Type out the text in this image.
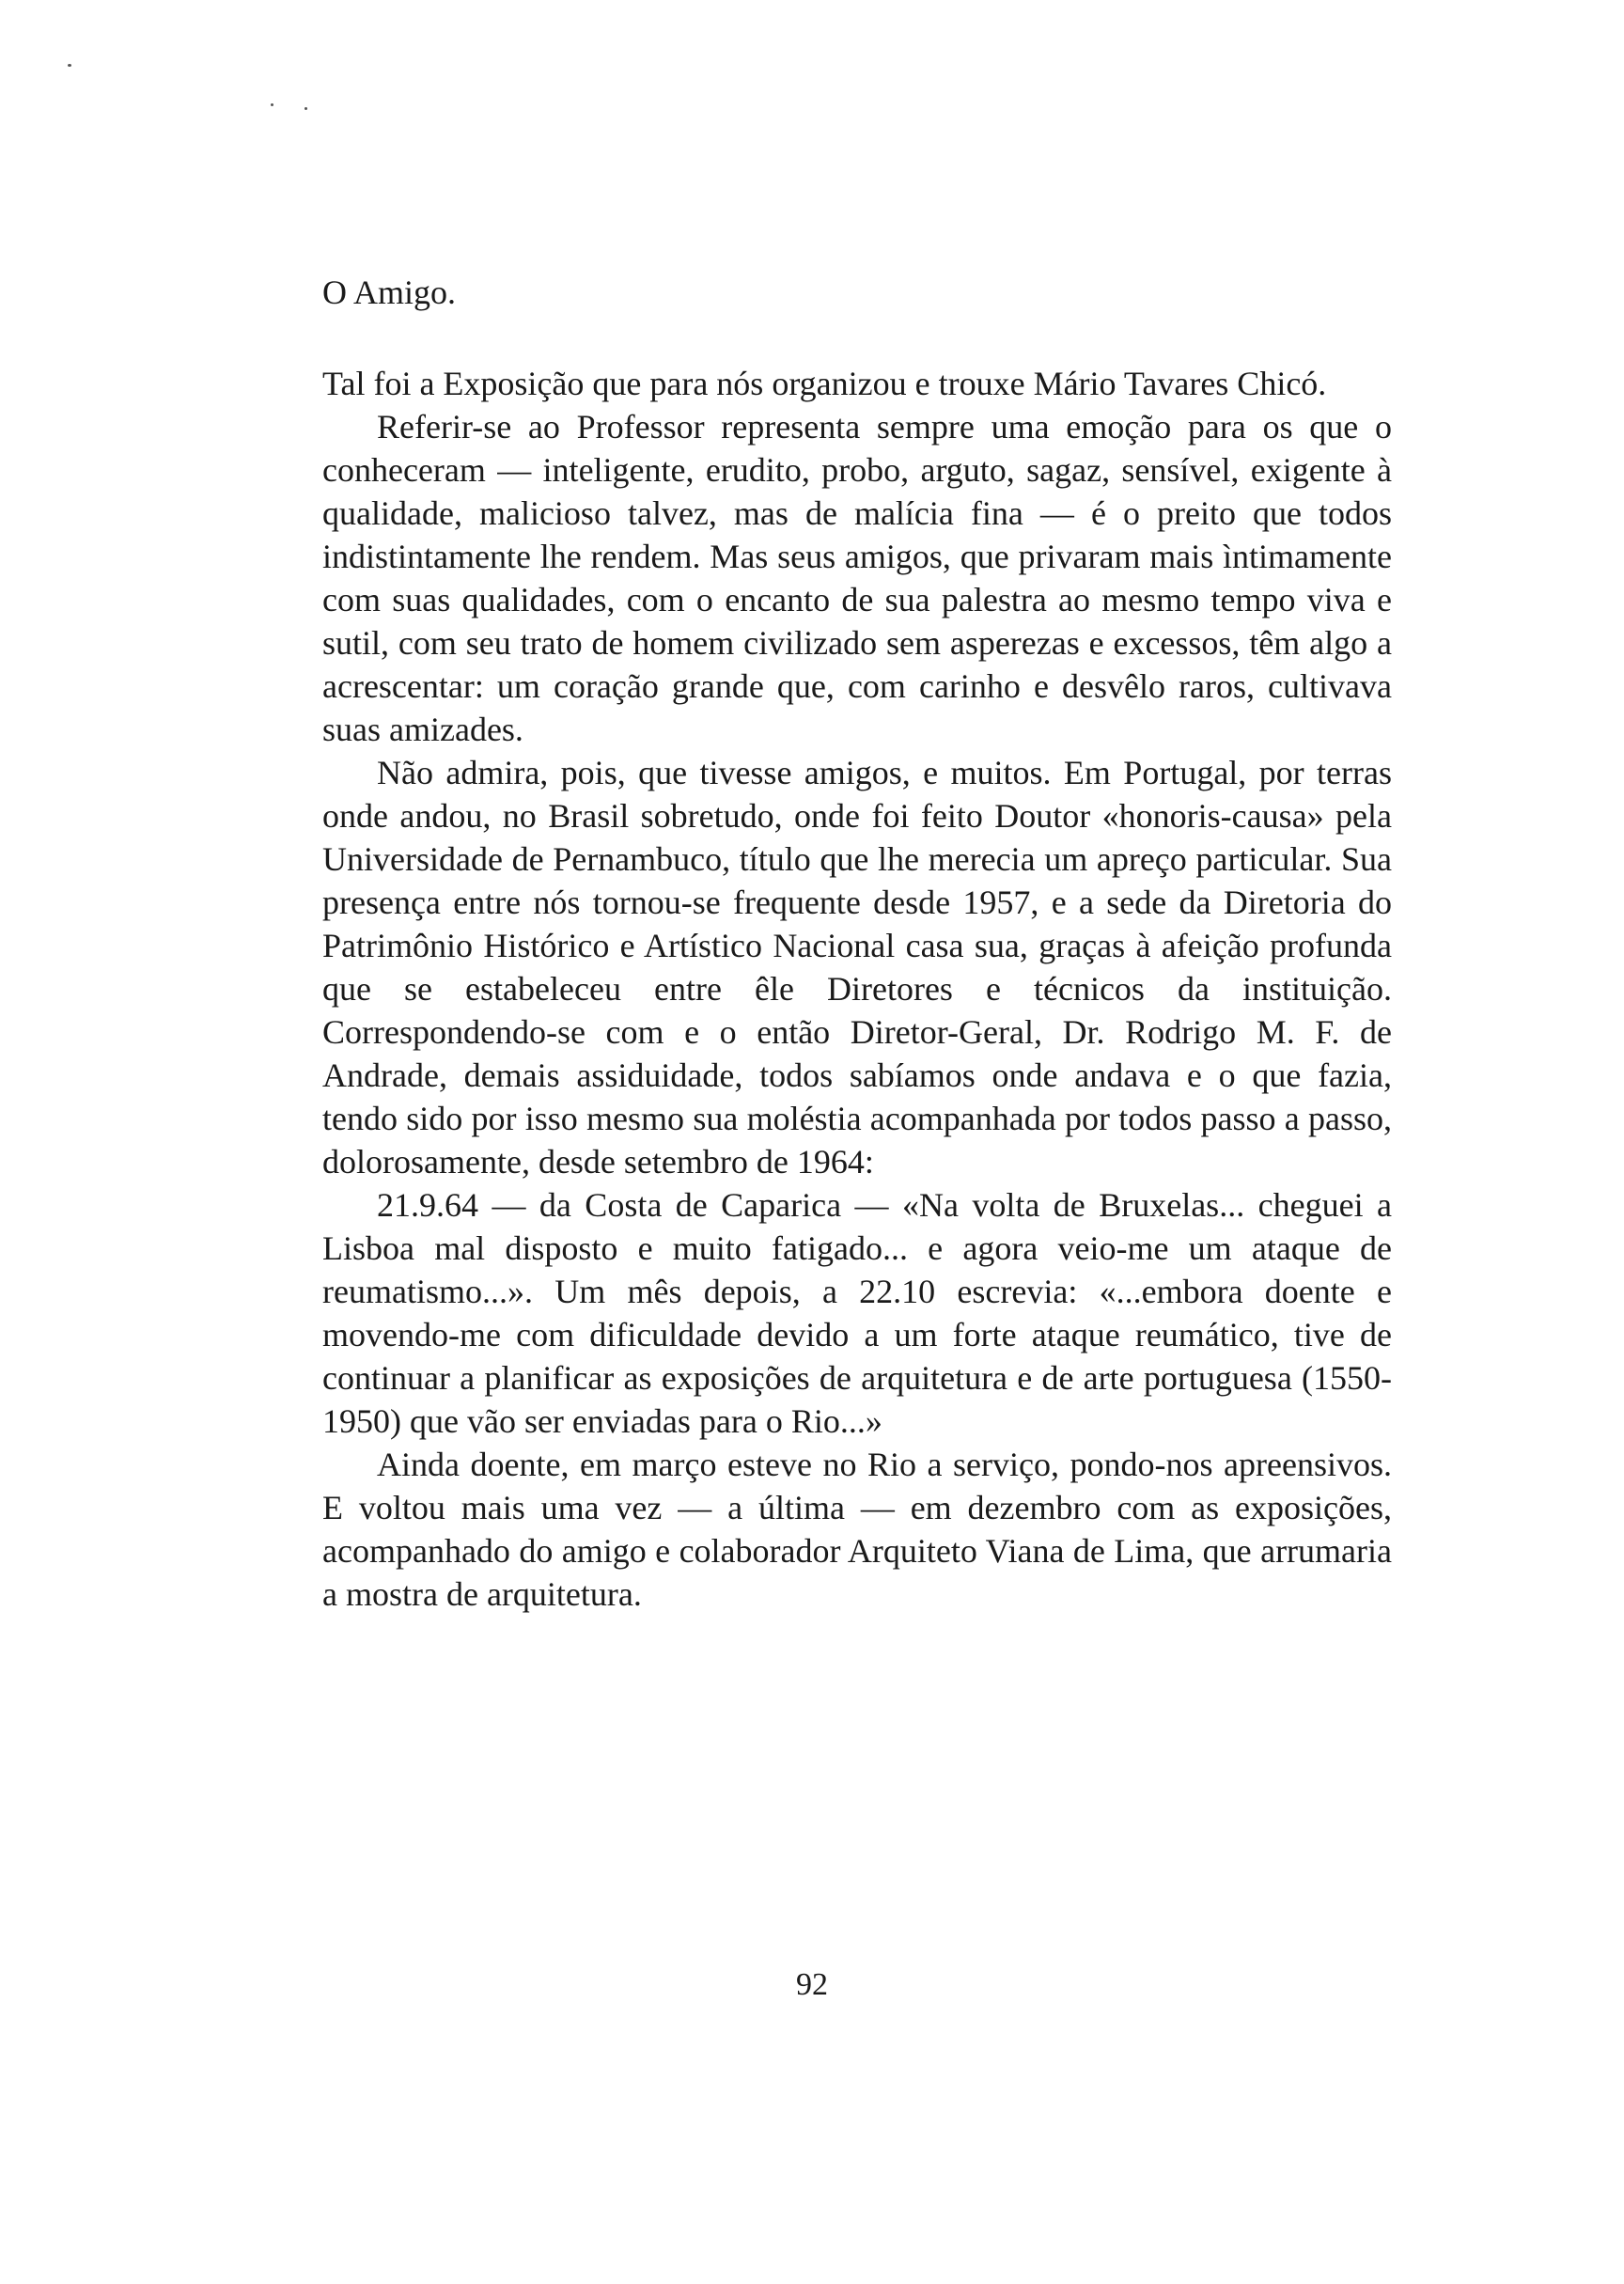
O Amigo.

Tal foi a Exposição que para nós organizou e trouxe Mário Tavares Chicó.

Referir-se ao Professor representa sempre uma emoção para os que o conheceram — inteligente, erudito, probo, arguto, sagaz, sensível, exigente à qualidade, malicioso talvez, mas de malícia fina — é o preito que todos indistintamente lhe rendem. Mas seus amigos, que privaram mais ìntimamente com suas qualidades, com o encanto de sua palestra ao mesmo tempo viva e sutil, com seu trato de homem civilizado sem asperezas e excessos, têm algo a acrescentar: um coração grande que, com carinho e desvêlo raros, cultivava suas amizades.

Não admira, pois, que tivesse amigos, e muitos. Em Portugal, por terras onde andou, no Brasil sobretudo, onde foi feito Doutor «honoris-causa» pela Universidade de Pernambuco, título que lhe merecia um apreço particular. Sua presença entre nós tornou-se frequente desde 1957, e a sede da Diretoria do Patrimônio Histórico e Artístico Nacional casa sua, graças à afeição profunda que se estabeleceu entre êle Diretores e técnicos da instituição. Correspondendo-se com e o então Diretor-Geral, Dr. Rodrigo M. F. de Andrade, demais assiduidade, todos sabíamos onde andava e o que fazia, tendo sido por isso mesmo sua moléstia acompanhada por todos passo a passo, dolorosamente, desde setembro de 1964:

21.9.64 — da Costa de Caparica — «Na volta de Bruxelas... cheguei a Lisboa mal disposto e muito fatigado... e agora veio-me um ataque de reumatismo...». Um mês depois, a 22.10 escrevia: «...embora doente e movendo-me com dificuldade devido a um forte ataque reumático, tive de continuar a planificar as exposições de arquitetura e de arte portuguesa (1550-1950) que vão ser enviadas para o Rio...»

Ainda doente, em março esteve no Rio a serviço, pondo-nos apreensivos. E voltou mais uma vez — a última — em dezembro com as exposições, acompanhado do amigo e colaborador Arquiteto Viana de Lima, que arrumaria a mostra de arquitetura.

92
